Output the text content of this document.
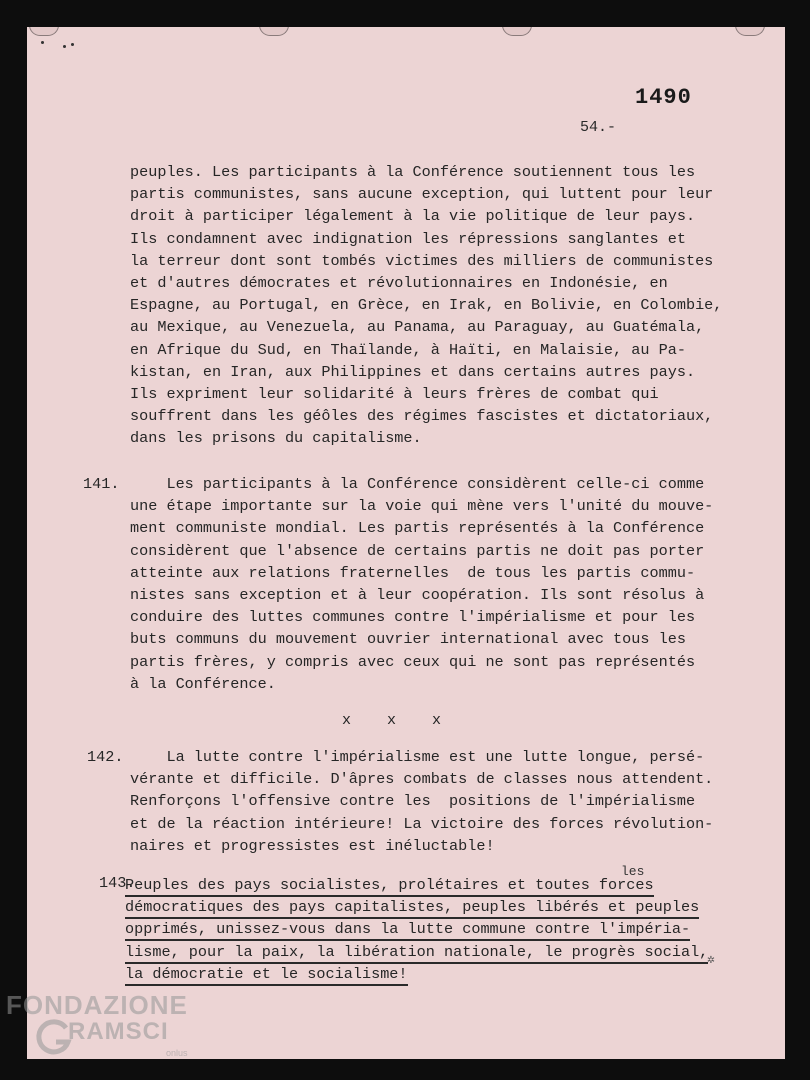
1490
54.-
peuples. Les participants à la Conférence soutiennent tous les
partis communistes, sans aucune exception, qui luttent pour leur
droit à participer légalement à la vie politique de leur pays.
Ils condamnent avec indignation les répressions sanglantes et
la terreur dont sont tombés victimes des milliers de communistes
et d'autres démocrates et révolutionnaires en Indonésie, en
Espagne, au Portugal, en Grèce, en Irak, en Bolivie, en Colombie,
au Mexique, au Venezuela, au Panama, au Paraguay, au Guatémala,
en Afrique du Sud, en Thaïlande, à Haïti, en Malaisie, au Pa-
kistan, en Iran, aux Philippines et dans certains autres pays.
Ils expriment leur solidarité à leurs frères de combat qui
souffrent dans les géôles des régimes fascistes et dictatoriaux,
dans les prisons du capitalisme.
141. Les participants à la Conférence considèrent celle-ci comme
une étape importante sur la voie qui mène vers l'unité du mouve-
ment communiste mondial. Les partis représentés à la Conférence
considèrent que l'absence de certains partis ne doit pas porter
atteinte aux relations fraternelles  de tous les partis commu-
nistes sans exception et à leur coopération. Ils sont résolus à
conduire des luttes communes contre l'impérialisme et pour les
buts communs du mouvement ouvrier international avec tous les
partis frères, y compris avec ceux qui ne sont pas représentés
à la Conférence.
x    x    x
142. La lutte contre l'impérialisme est une lutte longue, persé-
vérante et difficile. D'âpres combats de classes nous attendent.
Renforçons l'offensive contre les  positions de l'impérialisme
et de la réaction intérieure! La victoire des forces révolution-
naires et progressistes est inéluctable!
les
143.
Peuples des pays socialistes, prolétaires et toutes forces
démocratiques des pays capitalistes, peuples libérés et peuples
opprimés, unissez-vous dans la lutte commune contre l'impéria-
lisme, pour la paix, la libération nationale, le progrès social,
la démocratie et le socialisme!
✲
FONDAZIONE
RAMSCI
onlus
